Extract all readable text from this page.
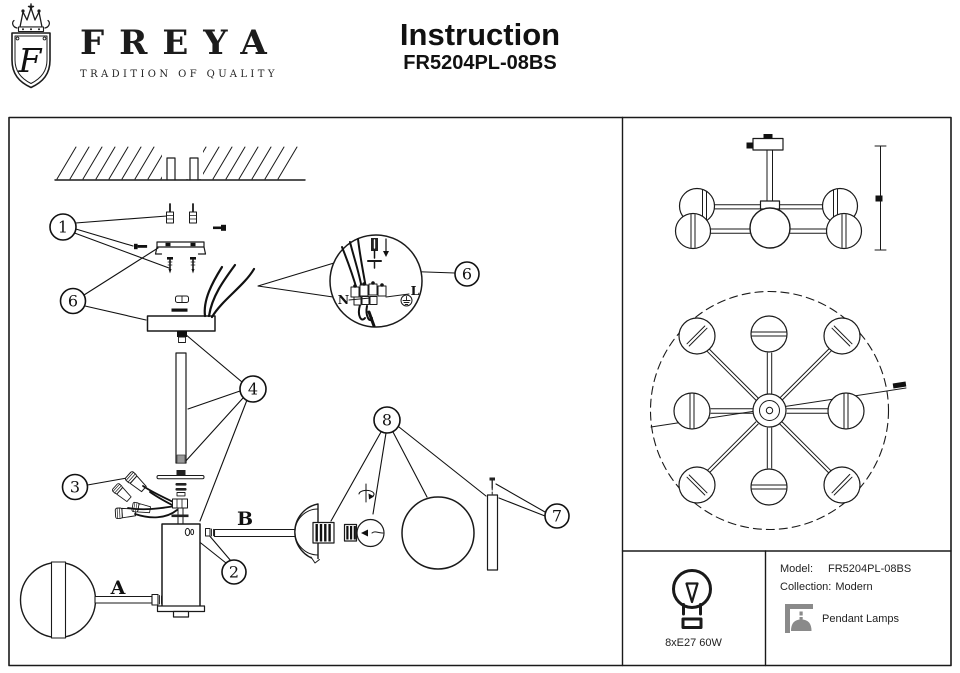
F
1
6
3
4
2
8
7
6
A
B
N
L
FREYA
TRADITION OF QUALITY
Instruction
FR5204PL-08BS
8xE27 60W
Model: FR5204PL-08BS
Collection: Modern
Pendant Lamps
